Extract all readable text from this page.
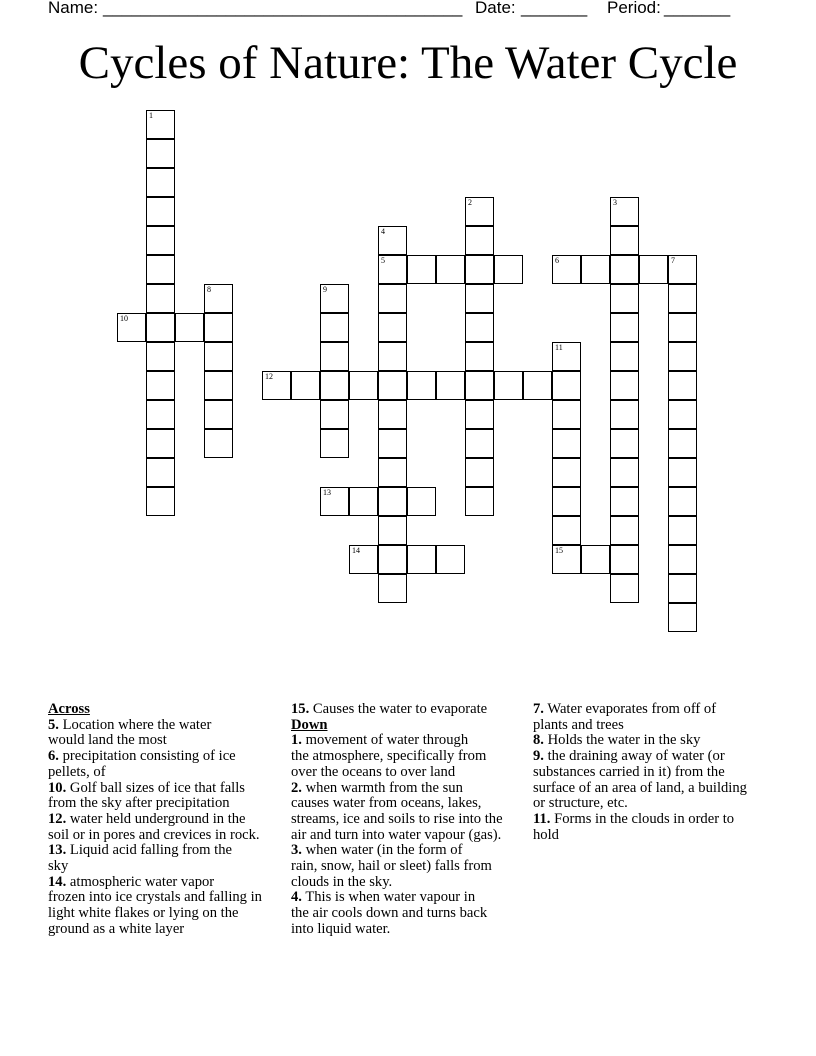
Name: ______________________________________ Date: _______ Period: _______
Cycles of Nature: The Water Cycle
1
2	3
4
5	6	7
8	9
10
11
15
12
13
14
Across
5. Location where the water
would land the most
6. precipitation consisting of ice
pellets, of
10. Golf ball sizes of ice that falls
from the sky after precipitation
12. water held underground in the
soil or in pores and crevices in rock.
13. Liquid acid falling from the
sky
14. atmospheric water vapor
frozen into ice crystals and falling in
light white flakes or lying on the
ground as a white layer
15. Causes the water to evaporate
Down
1. movement of water through
the atmosphere, specifically from
over the oceans to over land
2. when warmth from the sun
causes water from oceans, lakes,
streams, ice and soils to rise into the
air and turn into water vapour (gas).
3. when water (in the form of
rain, snow, hail or sleet) falls from
clouds in the sky.
4. This is when water vapour in
the air cools down and turns back
into liquid water.
7. Water evaporates from off of
plants and trees
8. Holds the water in the sky
9. the draining away of water (or
substances carried in it) from the
surface of an area of land, a building
or structure, etc.
11. Forms in the clouds in order to
hold
